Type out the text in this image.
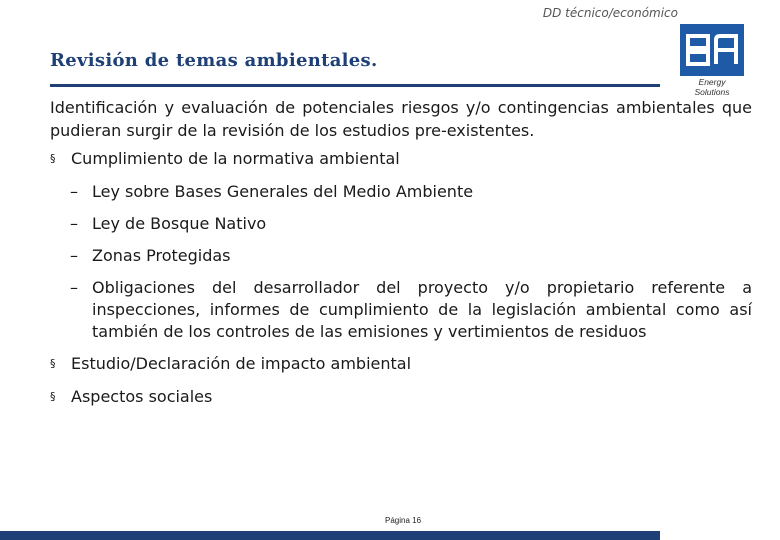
DD técnico/económico
Revisión de temas ambientales.
Energy Solutions
Identificación y evaluación de potenciales riesgos y/o contingencias ambientales que pudieran surgir de la revisión de los estudios pre-existentes.
§ Cumplimiento de la normativa ambiental
– Ley sobre Bases Generales del Medio Ambiente
– Ley de Bosque Nativo
– Zonas Protegidas
– Obligaciones del desarrollador del proyecto y/o propietario referente a inspecciones, informes de cumplimiento de la legislación ambiental como así también de los controles de las emisiones y vertimientos de residuos
§ Estudio/Declaración de impacto ambiental
§ Aspectos sociales
Página 16
